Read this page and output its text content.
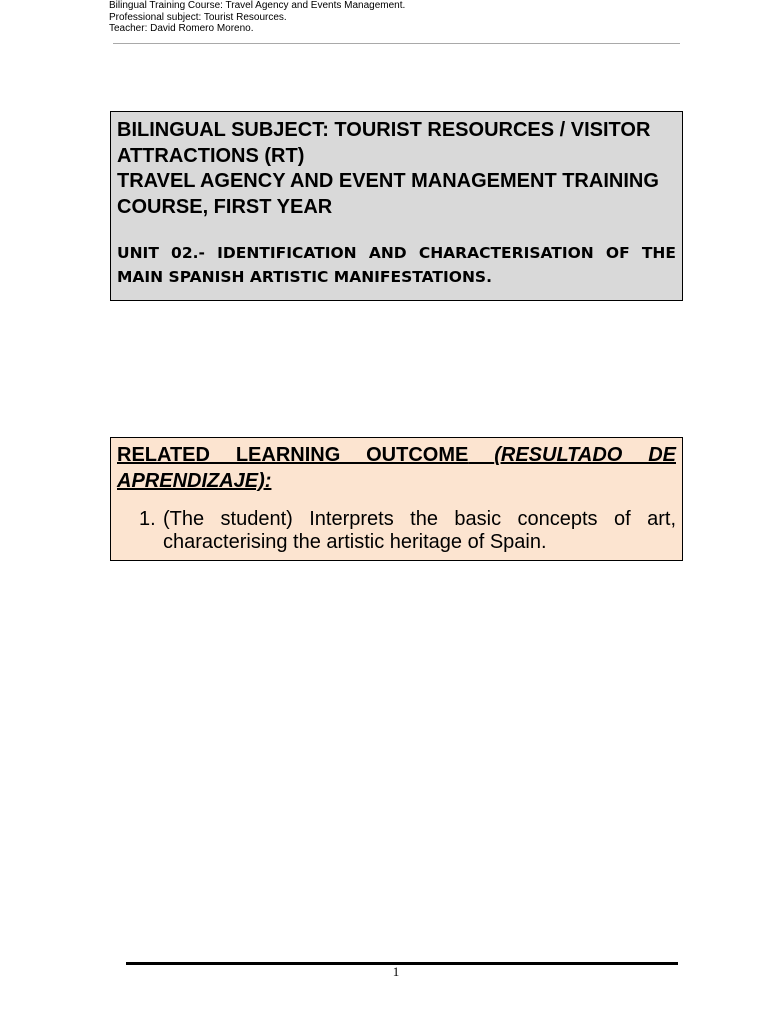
Bilingual Training Course: Travel Agency and Events Management.
Professional subject: Tourist Resources.
Teacher: David Romero Moreno.

BILINGUAL SUBJECT: TOURIST RESOURCES / VISITOR

ATTRACTIONS (RT)

TRAVEL AGENCY AND EVENT MANAGEMENT TRAINING

COURSE, FIRST YEAR

UNIT 02.- IDENTIFICATION AND CHARACTERISATION OF THE MAIN SPANISH ARTISTIC MANIFESTATIONS.

RELATED LEARNING OUTCOME (RESULTADO DE APRENDIZAJE):

1. (The student) Interprets the basic concepts of art, characterising the artistic heritage of Spain.
1
